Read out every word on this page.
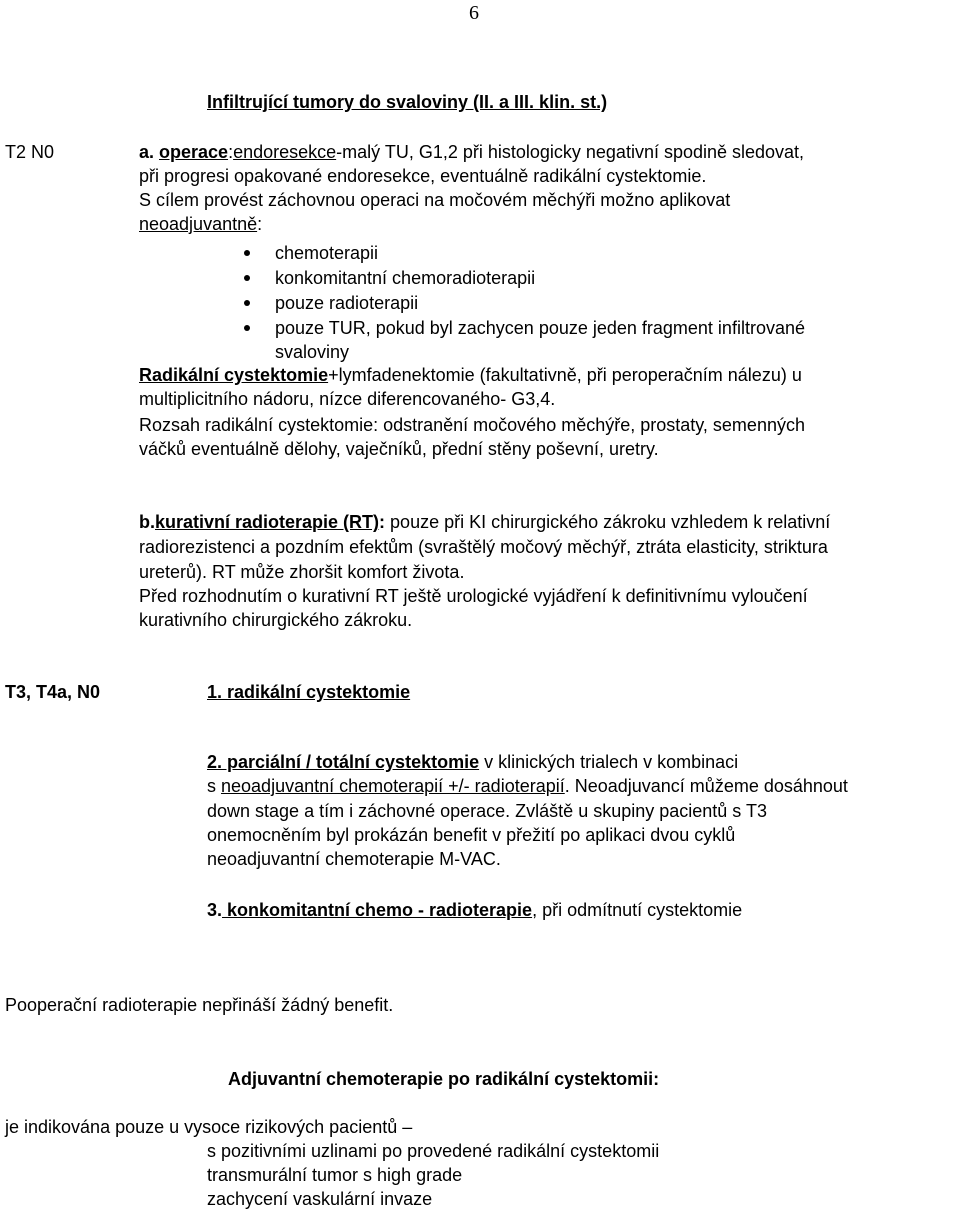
6
Infiltrující tumory do svaloviny (II. a III. klin. st.)
T2 N0	a. operace:endoresekce-malý TU, G1,2 při histologicky negativní spodině sledovat,
při progresi opakované endoresekce, eventuálně radikální cystektomie.
S cílem provést záchovnou operaci na močovém měchýři možno aplikovat
neoadjuvantně:
chemoterapii
konkomitantní chemoradioterapii
pouze radioterapii
pouze TUR, pokud byl zachycen pouze jeden fragment infiltrované
svaloviny
Radikální cystektomie+lymfadenektomie (fakultativně, při peroperačním nálezu) u
multiplicitního nádoru, nízce diferencovaného- G3,4.
Rozsah radikální cystektomie: odstranění močového měchýře, prostaty, semenných
váčků eventuálně dělohy, vaječníků, přední stěny poševní, uretry.
b.kurativní radioterapie (RT): pouze při KI chirurgického zákroku vzhledem k relativní
radiorezistenci a pozdním efektům (svraštělý močový měchýř, ztráta elasticity, striktura
ureterů). RT může zhoršit komfort života.
Před rozhodnutím o kurativní RT ještě urologické vyjádření k definitivnímu vyloučení
kurativního chirurgického zákroku.
T3, T4a, N0	1. radikální cystektomie
2. parciální / totální cystektomie v klinických trialech v kombinaci
s neoadjuvantní chemoterapií +/- radioterapií. Neoadjuvancí můžeme dosáhnout
down stage a tím i záchovné operace. Zvláště u skupiny pacientů s T3
onemocněním byl prokázán benefit v přežití po aplikaci dvou cyklů
neoadjuvantní chemoterapie M-VAC.
3. konkomitantní chemo - radioterapie, při odmítnutí cystektomie
Pooperační radioterapie nepřináší žádný benefit.
Adjuvantní chemoterapie po radikální cystektomii:
je indikována pouze u vysoce rizikových pacientů –
s pozitivními uzlinami po provedené radikální cystektomii
transmurální tumor s high grade
zachycení vaskulární invaze
